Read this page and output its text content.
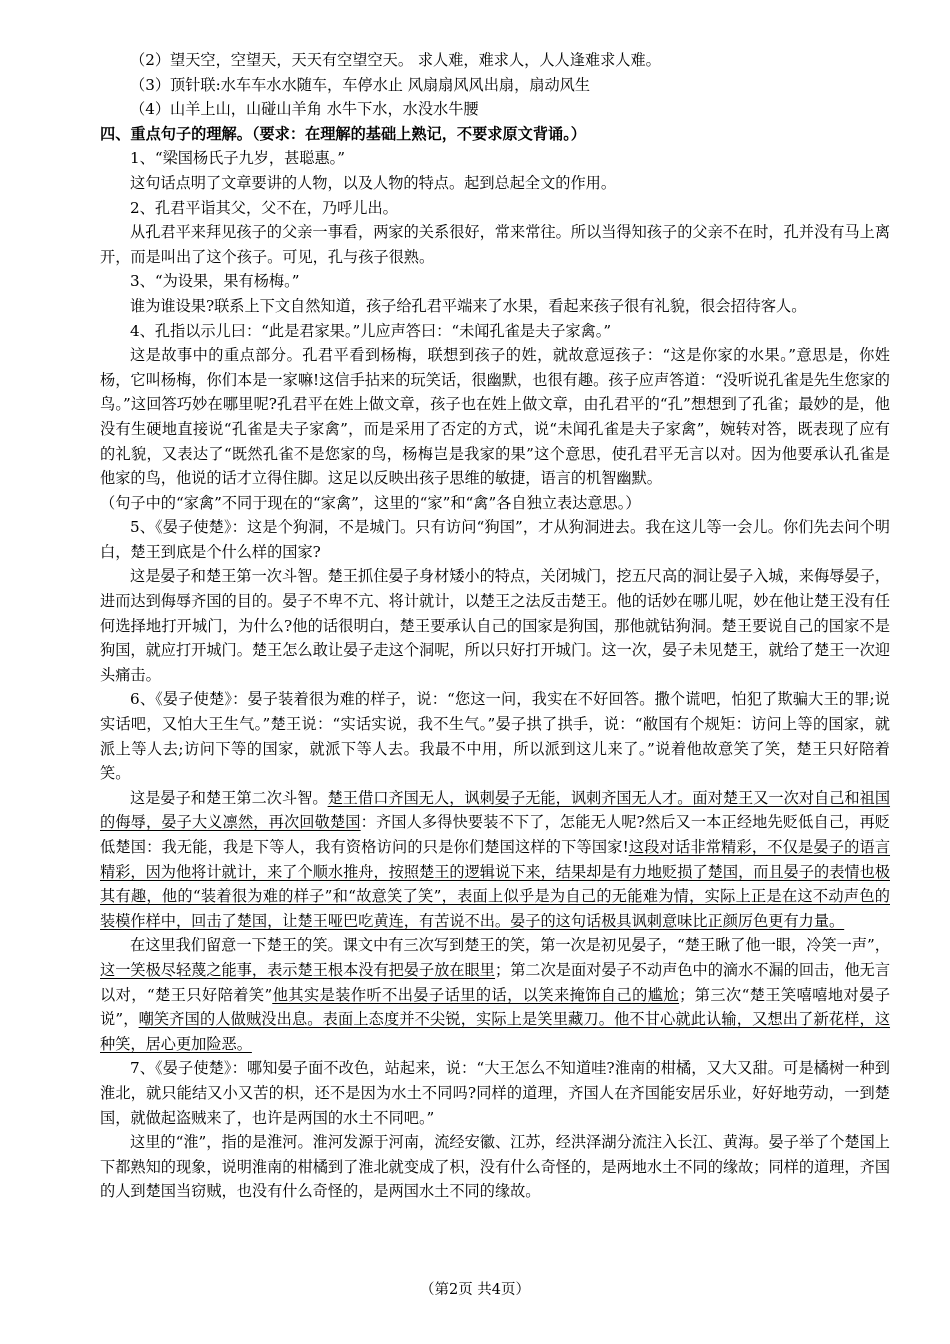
（2）望天空，空望天，天天有空望空天。 求人难，难求人，人人逢难求人难。

（3）顶针联:水车车水水随车，车停水止 风扇扇风风出扇，扇动风生

（4）山羊上山，山碰山羊角 水牛下水，水没水牛腰

四、重点句子的理解。（要求：在理解的基础上熟记，不要求原文背诵。）

1、“梁国杨氏子九岁，甚聪惠。”

这句话点明了文章要讲的人物，以及人物的特点。起到总起全文的作用。

2、孔君平诣其父，父不在，乃呼儿出。

从孔君平来拜见孩子的父亲一事看，两家的关系很好，常来常往。所以当得知孩子的父亲不在时，孔并没有马上离开，而是叫出了这个孩子。可见，孔与孩子很熟。

3、“为设果，果有杨梅。”

谁为谁设果?联系上下文自然知道，孩子给孔君平端来了水果，看起来孩子很有礼貌，很会招待客人。

4、孔指以示儿曰：“此是君家果。”儿应声答曰：“未闻孔雀是夫子家禽。”

这是故事中的重点部分。孔君平看到杨梅，联想到孩子的姓，就故意逗孩子：“这是你家的水果。”意思是，你姓杨，它叫杨梅，你们本是一家嘛!这信手拈来的玩笑话，很幽默，也很有趣。孩子应声答道：“没听说孔雀是先生您家的鸟。”这回答巧妙在哪里呢?孔君平在姓上做文章，孩子也在姓上做文章，由孔君平的“孔”想想到了孔雀；最妙的是，他没有生硬地直接说“孔雀是夫子家禽”，而是采用了否定的方式，说“未闻孔雀是夫子家禽”，婉转对答，既表现了应有的礼貌，又表达了“既然孔雀不是您家的鸟，杨梅岂是我家的果”这个意思，使孔君平无言以对。因为他要承认孔雀是他家的鸟，他说的话才立得住脚。这足以反映出孩子思维的敏捷，语言的机智幽默。

（句子中的“家禽”不同于现在的“家禽”，这里的“家”和“禽”各自独立表达意思。）

5、《晏子使楚》：这是个狗洞，不是城门。只有访问“狗国”，才从狗洞进去。我在这儿等一会儿。你们先去问个明白，楚王到底是个什么样的国家?

这是晏子和楚王第一次斗智。楚王抓住晏子身材矮小的特点，关闭城门，挖五尺高的洞让晏子入城，来侮辱晏子，进而达到侮辱齐国的目的。晏子不卑不亢、将计就计，以楚王之法反击楚王。他的话妙在哪儿呢，妙在他让楚王没有任何选择地打开城门，为什么?他的话很明白，楚王要承认自己的国家是狗国，那他就钻狗洞。楚王要说自己的国家不是狗国，就应打开城门。楚王怎么敢让晏子走这个洞呢，所以只好打开城门。这一次，晏子未见楚王，就给了楚王一次迎头痛击。

6、《晏子使楚》：晏子装着很为难的样子，说：“您这一问，我实在不好回答。撒个谎吧，怕犯了欺骗大王的罪;说实话吧，又怕大王生气。”楚王说：“实话实说，我不生气。”晏子拱了拱手，说：“敝国有个规矩：访问上等的国家，就派上等人去;访问下等的国家，就派下等人去。我最不中用，所以派到这儿来了。”说着他故意笑了笑，楚王只好陪着笑。

这是晏子和楚王第二次斗智。楚王借口齐国无人，讽刺晏子无能，讽刺齐国无人才。面对楚王又一次对自己和祖国的侮辱，晏子大义凛然，再次回敬楚国：齐国人多得快要装不下了，怎能无人呢?然后又一本正经地先贬低自己，再贬低楚国：我无能，我是下等人，我有资格访问的只是你们楚国这样的下等国家!这段对话非常精彩，不仅是晏子的语言精彩，因为他将计就计，来了个顺水推舟，按照楚王的逻辑说下来，结果却是有力地贬损了楚国，而且晏子的表情也极其有趣，他的“装着很为难的样子”和“故意笑了笑”，表面上似乎是为自己的无能难为情，实际上正是在这不动声色的装模作样中，回击了楚国，让楚王哑巴吃黄连，有苦说不出。晏子的这句话极具讽刺意味比正颜厉色更有力量。

在这里我们留意一下楚王的笑。课文中有三次写到楚王的笑，第一次是初见晏子，“楚王瞅了他一眼，冷笑一声”，这一笑极尽轻蔑之能事，表示楚王根本没有把晏子放在眼里；第二次是面对晏子不动声色中的滴水不漏的回击，他无言以对，“楚王只好陪着笑”他其实是装作听不出晏子话里的话，以笑来掩饰自己的尴尬；第三次“楚王笑嘻嘻地对晏子说”，嘲笑齐国的人做贼没出息。表面上态度并不尖锐，实际上是笑里藏刀。他不甘心就此认输，又想出了新花样，这种笑，居心更加险恶。

7、《晏子使楚》：哪知晏子面不改色，站起来，说：“大王怎么不知道哇?淮南的柑橘，又大又甜。可是橘树一种到淮北，就只能结又小又苦的枳，还不是因为水土不同吗?同样的道理，齐国人在齐国能安居乐业，好好地劳动，一到楚国，就做起盗贼来了，也许是两国的水土不同吧。”

这里的“淮”，指的是淮河。淮河发源于河南，流经安徽、江苏，经洪泽湖分流注入长江、黄海。晏子举了个楚国上下都熟知的现象，说明淮南的柑橘到了淮北就变成了枳，没有什么奇怪的，是两地水土不同的缘故；同样的道理，齐国的人到楚国当窃贼，也没有什么奇怪的，是两国水土不同的缘故。

（第2页 共4页）
